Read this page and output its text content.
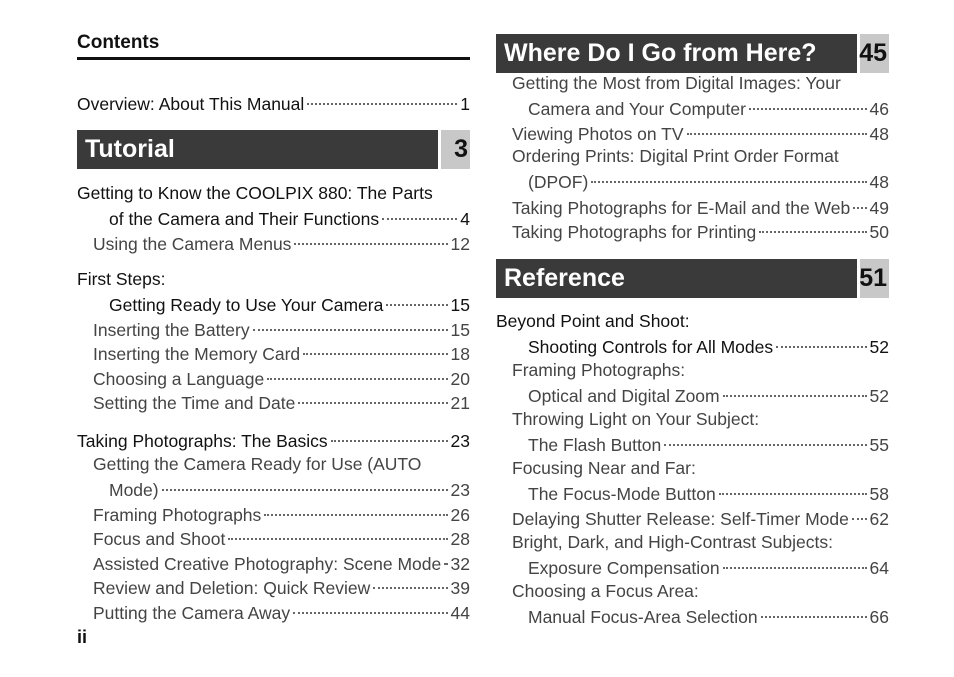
Contents
Overview: About This Manual	1
Tutorial	3
Getting to Know the COOLPIX 880: The Parts
of the Camera and Their Functions	4
Using the Camera Menus	12
First Steps:
Getting Ready to Use Your Camera	15
Inserting the Battery	15
Inserting the Memory Card	18
Choosing a Language	20
Setting the Time and Date	21
Taking Photographs: The Basics	23
Getting the Camera Ready for Use (AUTO
Mode)	23
Framing Photographs	26
Focus and Shoot	28
Assisted Creative Photography: Scene Mode 32
Review and Deletion: Quick Review	39
Putting the Camera Away	44
Where Do I Go from Here?	45
Getting the Most from Digital Images: Your
Camera and Your Computer	46
Viewing Photos on TV	48
Ordering Prints: Digital Print Order Format
(DPOF)	48
Taking Photographs for E-Mail and the Web 49
Taking Photographs for Printing	50
Reference	51
Beyond Point and Shoot:
Shooting Controls for All Modes	52
Framing Photographs:
Optical and Digital Zoom	52
Throwing Light on Your Subject:
The Flash Button	55
Focusing Near and Far:
The Focus-Mode Button	58
Delaying Shutter Release: Self-Timer Mode 62
Bright, Dark, and High-Contrast Subjects:
Exposure Compensation	64
Choosing a Focus Area:
Manual Focus-Area Selection	66
ii
